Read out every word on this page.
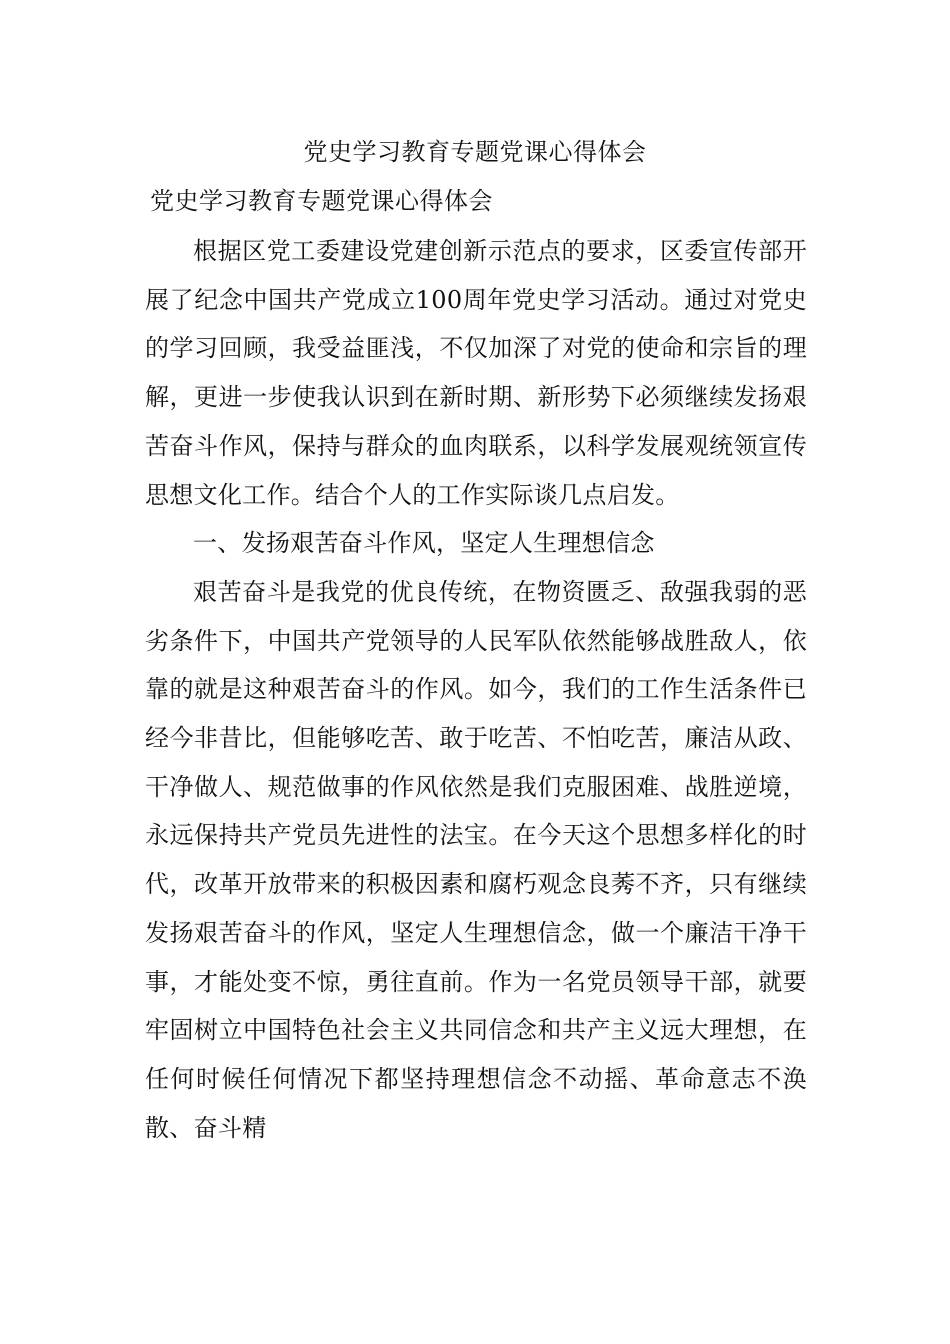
党史学习教育专题党课心得体会
党史学习教育专题党课心得体会

根据区党工委建设党建创新示范点的要求，区委宣传部开展了纪念中国共产党成立100周年党史学习活动。通过对党史的学习回顾，我受益匪浅，不仅加深了对党的使命和宗旨的理解，更进一步使我认识到在新时期、新形势下必须继续发扬艰苦奋斗作风，保持与群众的血肉联系，以科学发展观统领宣传思想文化工作。结合个人的工作实际谈几点启发。

一、发扬艰苦奋斗作风，坚定人生理想信念

艰苦奋斗是我党的优良传统，在物资匮乏、敌强我弱的恶劣条件下，中国共产党领导的人民军队依然能够战胜敌人，依靠的就是这种艰苦奋斗的作风。如今，我们的工作生活条件已经今非昔比，但能够吃苦、敢于吃苦、不怕吃苦，廉洁从政、干净做人、规范做事的作风依然是我们克服困难、战胜逆境，永远保持共产党员先进性的法宝。在今天这个思想多样化的时代，改革开放带来的积极因素和腐朽观念良莠不齐，只有继续发扬艰苦奋斗的作风，坚定人生理想信念，做一个廉洁干净干事，才能处变不惊，勇往直前。作为一名党员领导干部，就要牢固树立中国特色社会主义共同信念和共产主义远大理想，在任何时候任何情况下都坚持理想信念不动摇、革命意志不涣散、奋斗精
